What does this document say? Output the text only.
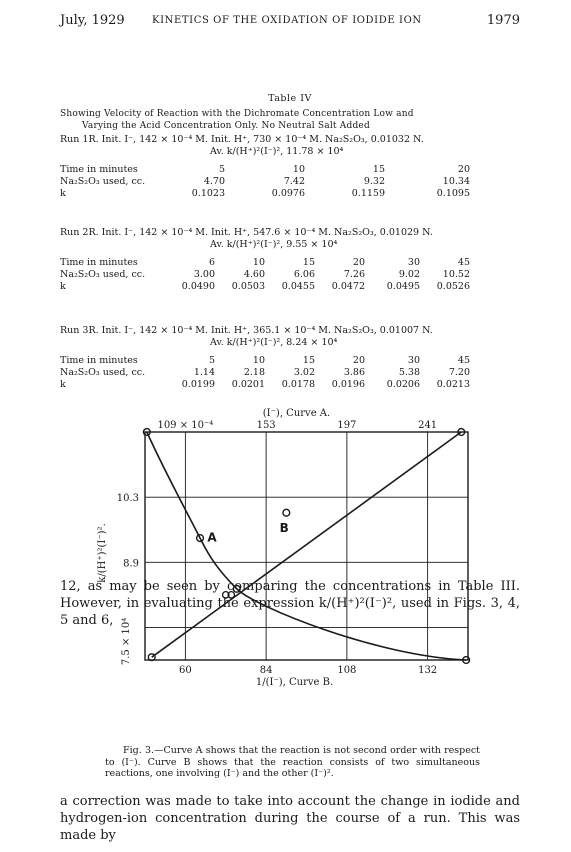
July, 1929	KINETICS OF THE OXIDATION OF IODIDE ION	1979
Table IV
Showing Velocity of Reaction with the Dichromate Concentration Low and
Varying the Acid Concentration Only. No Neutral Salt Added
Run 1R. Init. I⁻, 142 × 10⁻⁴ M. Init. H⁺, 730 × 10⁻⁴ M. Na₂S₂O₃, 0.01032 N.
Av. k/(H⁺)²(I⁻)², 11.78 × 10⁴
Time in minutes	5	10	15	20
Na₂S₂O₃ used, cc.	4.70	7.42	9.32	10.34
k	0.1023	0.0976	0.1159	0.1095
Run 2R. Init. I⁻, 142 × 10⁻⁴ M. Init. H⁺, 547.6 × 10⁻⁴ M. Na₂S₂O₃, 0.01029 N.
Av. k/(H⁺)²(I⁻)², 9.55 × 10⁴
Time in minutes	6	10	15	20	30	45
Na₂S₂O₃ used, cc.	3.00	4.60	6.06	7.26	9.02	10.52
k	0.0490	0.0503	0.0455	0.0472	0.0495	0.0526
Run 3R. Init. I⁻, 142 × 10⁻⁴ M. Init. H⁺, 365.1 × 10⁻⁴ M. Na₂S₂O₃, 0.01007 N.
Av. k/(H⁺)²(I⁻)², 8.24 × 10⁴
Time in minutes	5	10	15	20	30	45
Na₂S₂O₃ used, cc.	1.14	2.18	3.02	3.86	5.38	7.20
k	0.0199	0.0201	0.0178	0.0196	0.0206	0.0213
12, as may be seen by comparing the concentrations in Table III. However, in evaluating the expression k/(H⁺)²(I⁻)², used in Figs. 3, 4, 5 and 6,
60	84	108	132
109 × 10⁻⁴	153	197	241
(I⁻), Curve A.
1/(I⁻), Curve B.
10.3
8.9
7.5 × 10⁴
k/(H⁺)²(I⁻)².	A
B
Fig. 3.—Curve A shows that the reaction is not second order with respect to (I⁻). Curve B shows that the reaction consists of two simultaneous reactions, one involving (I⁻) and the other (I⁻)².
a correction was made to take into account the change in iodide and hydrogen-ion concentration during the course of a run. This was made by
